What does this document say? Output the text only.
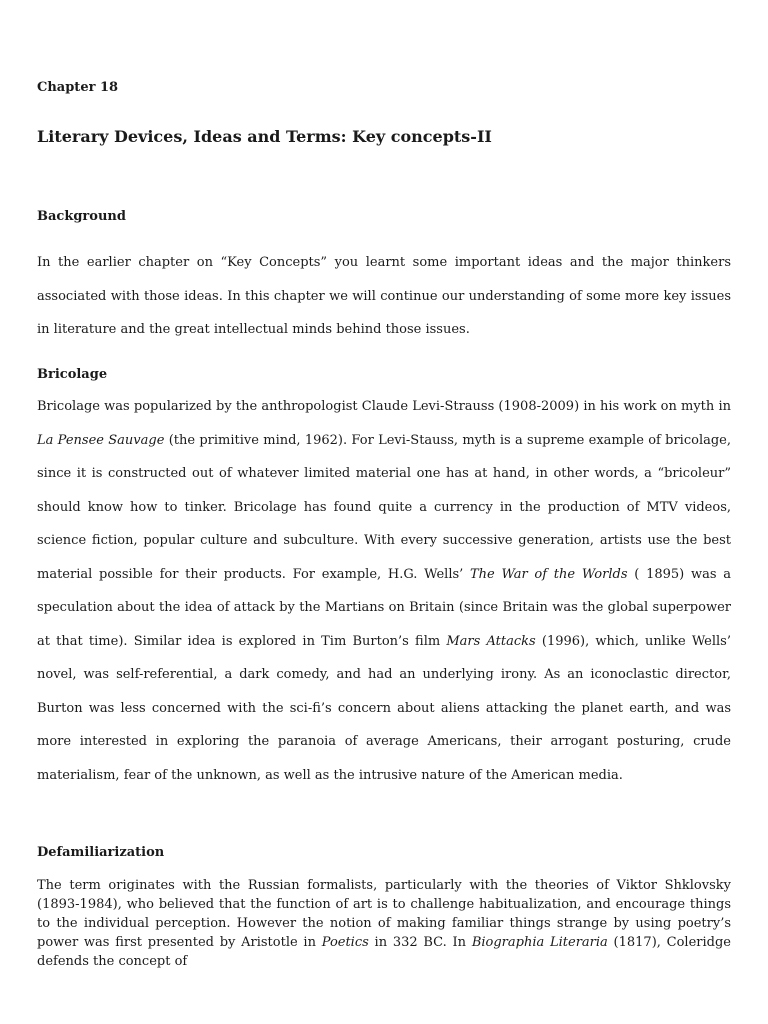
Chapter 18

Literary Devices, Ideas and Terms: Key concepts-II

Background

In the earlier chapter on “Key Concepts” you learnt some important ideas and the major thinkers associated with those ideas. In this chapter we will continue our understanding of some more key issues in literature and the great intellectual minds behind those issues.

Bricolage

Bricolage was popularized by the anthropologist Claude Levi-Strauss (1908-2009) in his work on myth in La Pensee Sauvage (the primitive mind, 1962). For Levi-Stauss, myth is a supreme example of bricolage, since it is constructed out of whatever limited material one has at hand, in other words, a “bricoleur” should know how to tinker. Bricolage has found quite a currency in the production of MTV videos, science fiction, popular culture and subculture. With every successive generation, artists use the best material possible for their products. For example, H.G. Wells’ The War of the Worlds ( 1895) was a speculation about the idea of attack by the Martians on Britain (since Britain was the global superpower at that time). Similar idea is explored in Tim Burton’s film Mars Attacks (1996), which, unlike Wells’ novel, was self-referential, a dark comedy, and had an underlying irony. As an iconoclastic director, Burton was less concerned with the sci-fi’s concern about aliens attacking the planet earth, and was more interested in exploring the paranoia of average Americans, their arrogant posturing, crude materialism, fear of the unknown, as well as the intrusive nature of the American media.

Defamiliarization

The term originates with the Russian formalists, particularly with the theories of Viktor Shklovsky (1893-1984), who believed that the function of art is to challenge habitualization, and encourage things to the individual perception. However the notion of making familiar things strange by using poetry’s power was first presented by Aristotle in Poetics in 332 BC. In Biographia Literaria (1817), Coleridge defends the concept of
